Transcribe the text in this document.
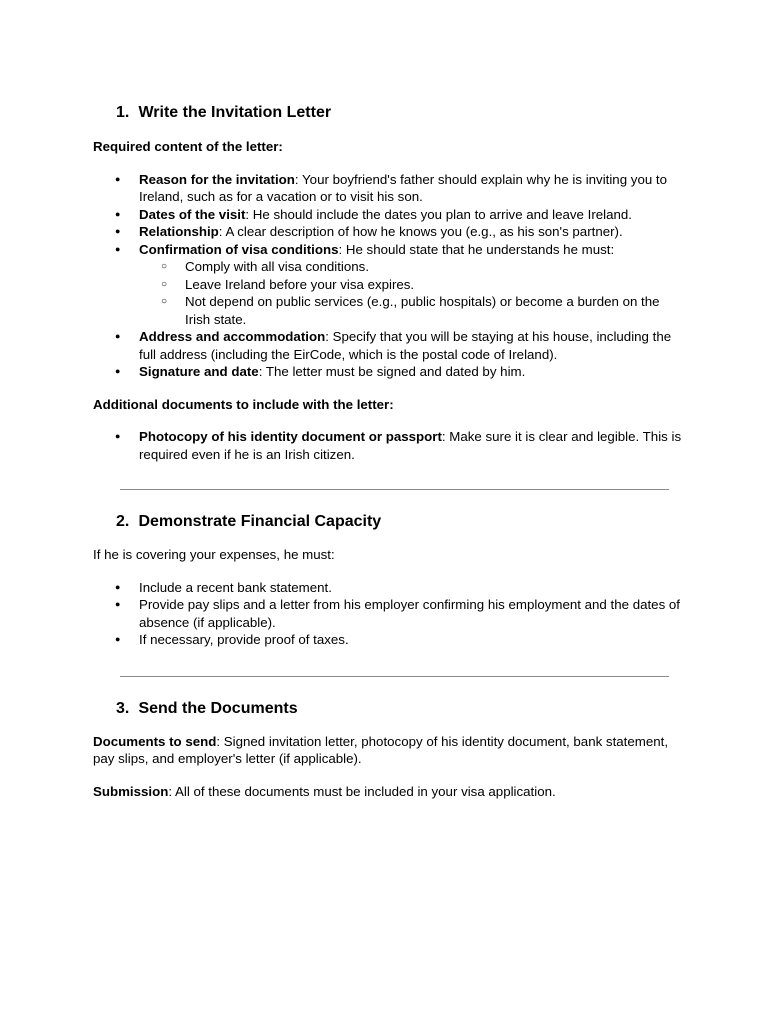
1. Write the Invitation Letter

Required content of the letter:

● Reason for the invitation: Your boyfriend's father should explain why he is inviting you to Ireland, such as for a vacation or to visit his son.
● Dates of the visit: He should include the dates you plan to arrive and leave Ireland.
● Relationship: A clear description of how he knows you (e.g., as his son's partner).
● Confirmation of visa conditions: He should state that he understands he must:
○ Comply with all visa conditions.
○ Leave Ireland before your visa expires.
○ Not depend on public services (e.g., public hospitals) or become a burden on the Irish state.
● Address and accommodation: Specify that you will be staying at his house, including the full address (including the EirCode, which is the postal code of Ireland).
● Signature and date: The letter must be signed and dated by him.

Additional documents to include with the letter:

● Photocopy of his identity document or passport: Make sure it is clear and legible. This is required even if he is an Irish citizen.
2. Demonstrate Financial Capacity

If he is covering your expenses, he must:

● Include a recent bank statement.
● Provide pay slips and a letter from his employer confirming his employment and the dates of absence (if applicable).
● If necessary, provide proof of taxes.
3. Send the Documents

Documents to send: Signed invitation letter, photocopy of his identity document, bank statement, pay slips, and employer's letter (if applicable).

Submission: All of these documents must be included in your visa application.
